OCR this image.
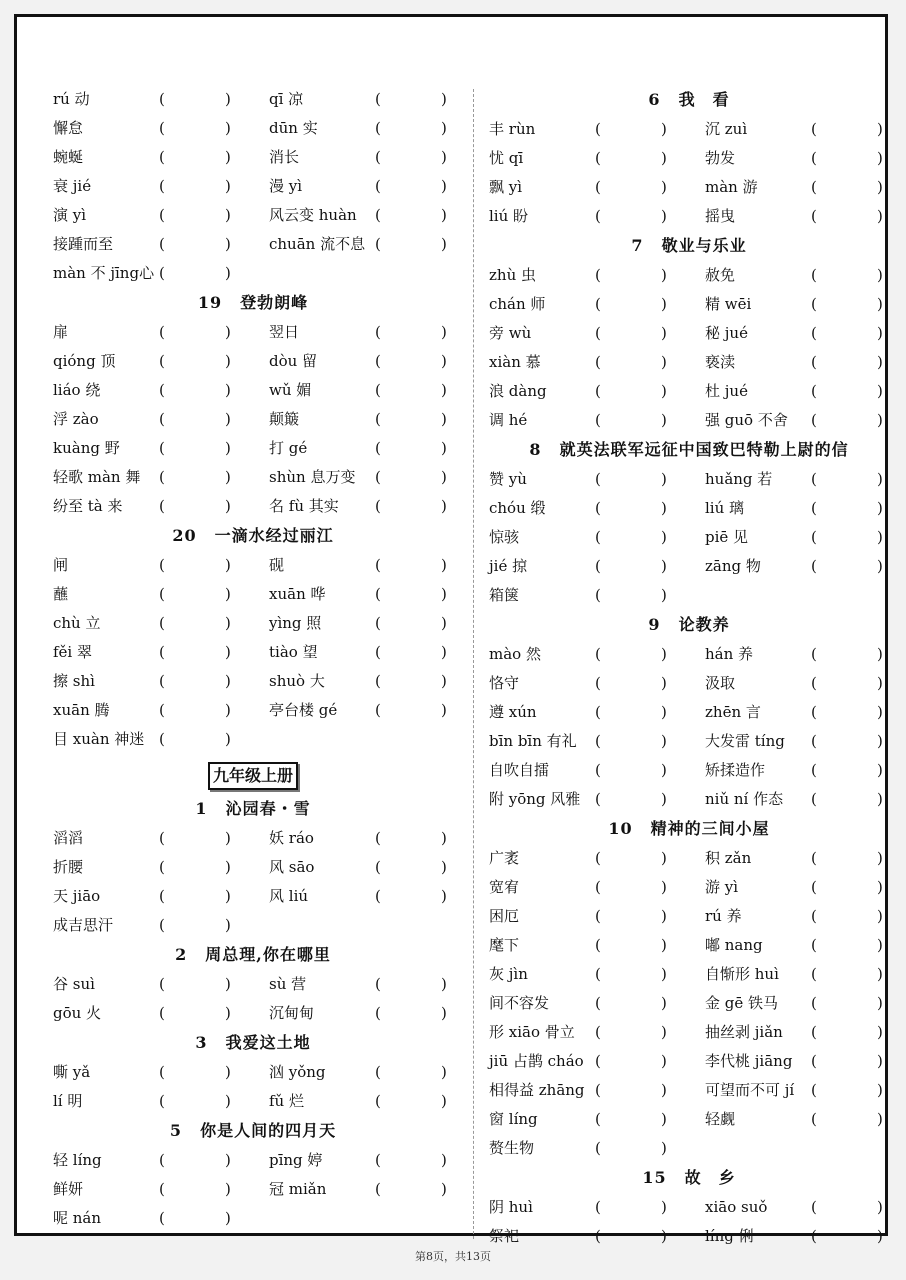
rú 动	(	)	qī 凉	(	)
懈怠	(	)	dūn 实	(	)
蜿蜒	(	)	消长	(	)
衰 jié	(	)	漫 yì	(	)
演 yì	(	)	风云变 huàn (	)
接踵而至	(	)	chuān 流不息 (	)
màn 不 jīng心 (	)
19 登勃朗峰
扉	(	)	翌日	(	)
qióng 顶	(	)	dòu 留	(	)
liáo 绕	(	)	wǔ 媚	(	)
浮 zào	(	)	颠簸	(	)
kuàng 野	(	)	打 gé	(	)
轻歌 màn 舞 (	)	shùn 息万变 (	)
纷至 tà 来 (	)	名 fù 其实 (	)
20 一滴水经过丽江
闸	(	)	砚	(	)
蘸	(	)	xuān 哗	(	)
chù 立	(	)	yìng 照	(	)
fěi 翠	(	)	tiào 望	(	)
擦 shì	(	)	shuò 大	(	)
xuān 腾	(	)	亭台楼 gé	(	)
目 xuàn 神迷 (	)
九年级上册
1 沁园春・雪
滔滔	(	)	妖 ráo	(	)
折腰	(	)	风 sāo	(	)
天 jiāo	(	)	风 liú	(	)
成吉思汗	(	)
2 周总理,你在哪里
谷 suì	(	)	sù 营	(	)
gōu 火	(	)	沉甸甸	(	)
3 我爱这土地
嘶 yǎ	(	)	汹 yǒng	(	)
lí 明	(	)	fǔ 烂	(	)
5 你是人间的四月天
轻 líng	(	)	pīng 婷	(	)
鲜妍	(	)	冠 miǎn	(	)
呢 nán	(	)
6 我　看
丰 rùn	(	)	沉 zuì	(	)
忧 qī	(	)	勃发	(	)
飘 yì	(	)	màn 游	(	)
liú 盼	(	)	摇曳	(	)
7 敬业与乐业
zhù 虫	(	)	赦免	(	)
chán 师	(	)	精 wēi	(	)
旁 wù	(	)	秘 jué	(	)
xiàn 慕	(	)	亵渎	(	)
浪 dàng	(	)	杜 jué	(	)
调 hé	(	)	强 guō 不舍 (	)
8 就英法联军远征中国致巴特勒上尉的信
赞 yù	(	)	huǎng 若	(	)
chóu 缎	(	)	liú 璃	(	)
惊骇	(	)	piē 见	(	)
jié 掠	(	)	zāng 物	(	)
箱箧	(	)
9 论教养
mào 然	(	)	hán 养	(	)
恪守	(	)	汲取	(	)
遵 xún	(	)	zhēn 言	(	)
bīn bīn 有礼 (	)	大发雷 tíng (	)
自吹自擂	(	)	矫揉造作	(	)
附 yōng 风雅 (	)	niǔ ní 作态 (	)
10 精神的三间小屋
广袤	(	)	积 zǎn	(	)
宽宥	(	)	游 yì	(	)
困厄	(	)	rú 养	(	)
麾下	(	)	嘟 nang	(	)
灰 jìn	(	)	自惭形 huì (	)
间不容发	(	)	金 gē 铁马 (	)
形 xiāo 骨立 (	)	抽丝剥 jiǎn (	)
jiū 占鹊 cháo (	)	李代桃 jiāng (	)
相得益 zhāng (	)	可望而不可 jí (	)
窗 líng	(	)	轻觑	(	)
赘生物	(	)
15 故　乡
阴 huì	(	)	xiāo suǒ	(	)
祭祀	(	)	líng 俐	(	)
第8页，共13页
